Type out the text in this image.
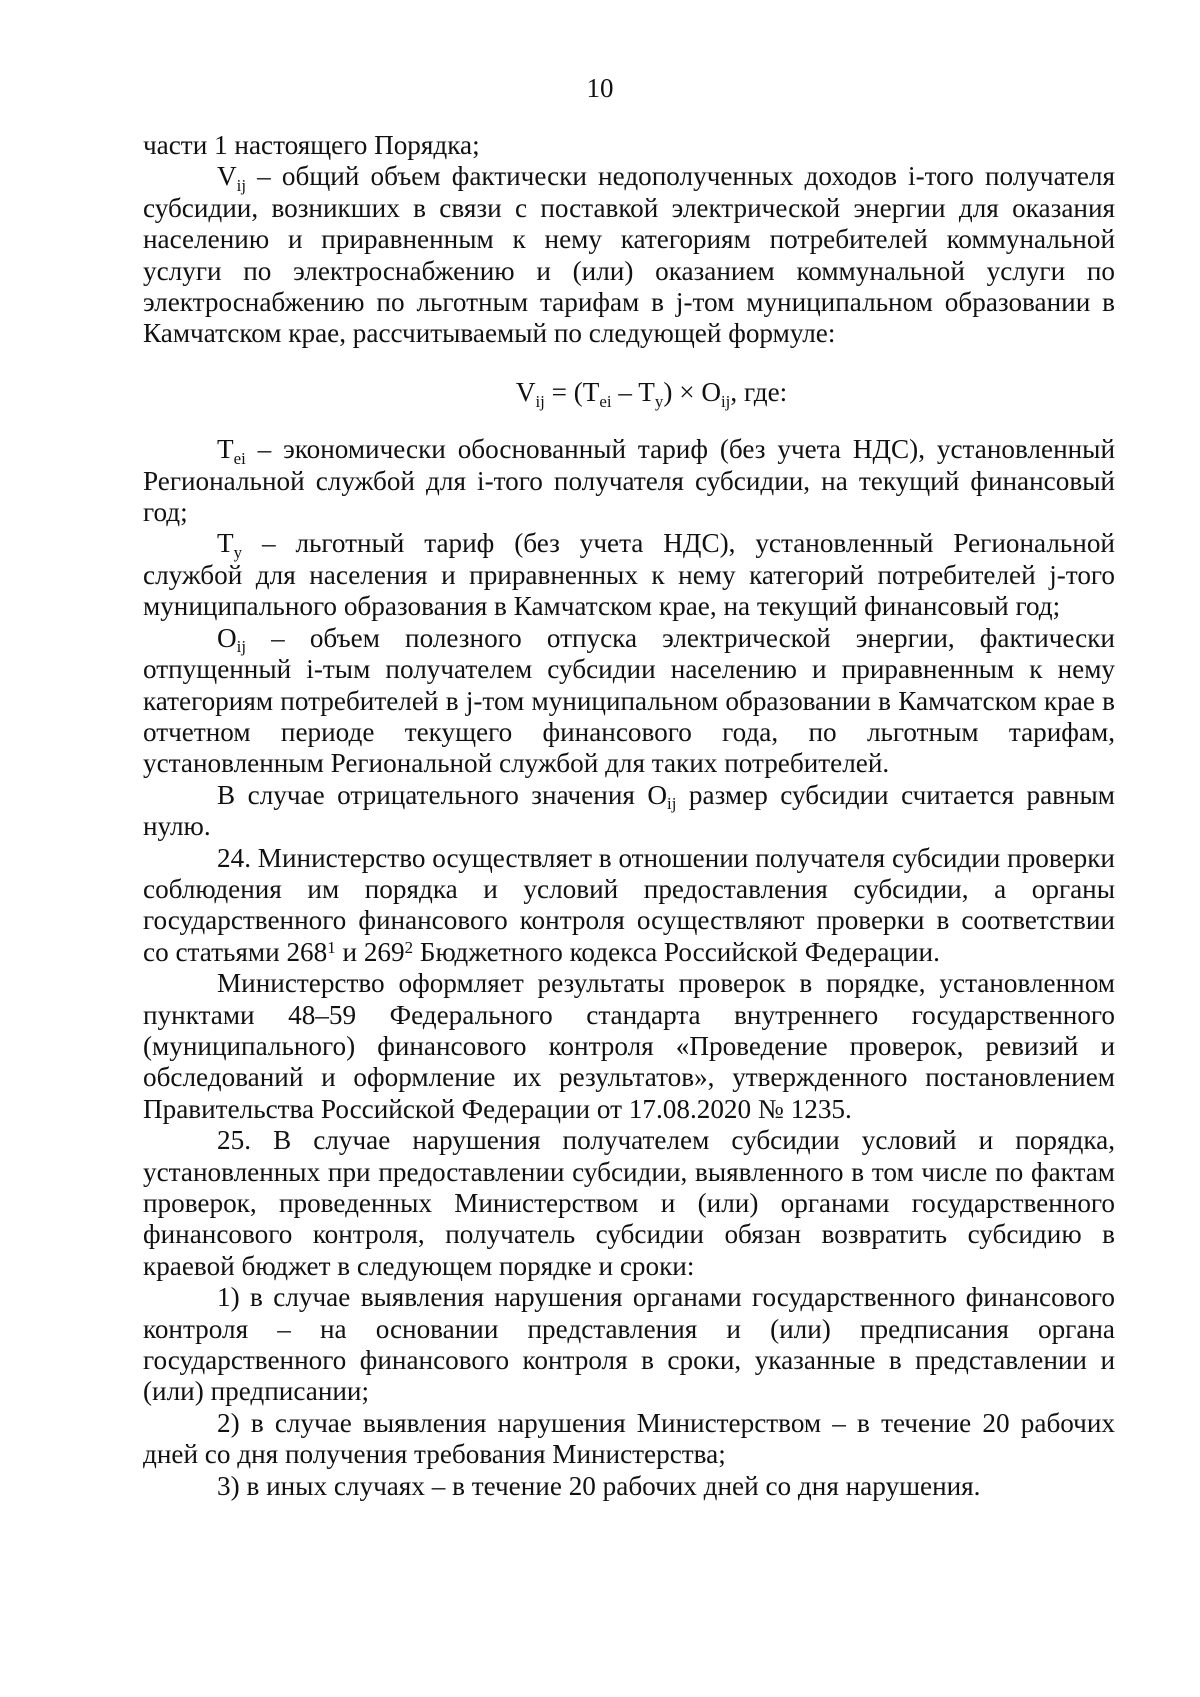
10

части 1 настоящего Порядка;

$V_{ij}$ – общий объем фактически недополученных доходов i-того получателя субсидии, возникших в связи с поставкой электрической энергии для оказания населению и приравненным к нему категориям потребителей коммунальной услуги по электроснабжению и (или) оказанием коммунальной услуги по электроснабжению по льготным тарифам в j-том муниципальном образовании в Камчатском крае, рассчитываемый по следующей формуле:

$V_{ij} = (T_{ei} - T_y) \times O_{ij}$, где:

$T_{ei}$ – экономически обоснованный тариф (без учета НДС), установленный Региональной службой для i-того получателя субсидии, на текущий финансовый год;

$T_y$ – льготный тариф (без учета НДС), установленный Региональной службой для населения и приравненных к нему категорий потребителей j-того муниципального образования в Камчатском крае, на текущий финансовый год;

$O_{ij}$ – объем полезного отпуска электрической энергии, фактически отпущенный i-тым получателем субсидии населению и приравненным к нему категориям потребителей в j-том муниципальном образовании в Камчатском крае в отчетном периоде текущего финансового года, по льготным тарифам, установленным Региональной службой для таких потребителей.

В случае отрицательного значения $O_{ij}$ размер субсидии считается равным нулю.

24. Министерство осуществляет в отношении получателя субсидии проверки соблюдения им порядка и условий предоставления субсидии, а органы государственного финансового контроля осуществляют проверки в соответствии со статьями $268^1$ и $269^2$ Бюджетного кодекса Российской Федерации.

Министерство оформляет результаты проверок в порядке, установленном пунктами 48–59 Федерального стандарта внутреннего государственного (муниципального) финансового контроля «Проведение проверок, ревизий и обследований и оформление их результатов», утвержденного постановлением Правительства Российской Федерации от 17.08.2020 № 1235.

25. В случае нарушения получателем субсидии условий и порядка, установленных при предоставлении субсидии, выявленного в том числе по фактам проверок, проведенных Министерством и (или) органами государственного финансового контроля, получатель субсидии обязан возвратить субсидию в краевой бюджет в следующем порядке и сроки:

1) в случае выявления нарушения органами государственного финансового контроля – на основании представления и (или) предписания органа государственного финансового контроля в сроки, указанные в представлении и (или) предписании;

2) в случае выявления нарушения Министерством – в течение 20 рабочих дней со дня получения требования Министерства;

3) в иных случаях – в течение 20 рабочих дней со дня нарушения.
